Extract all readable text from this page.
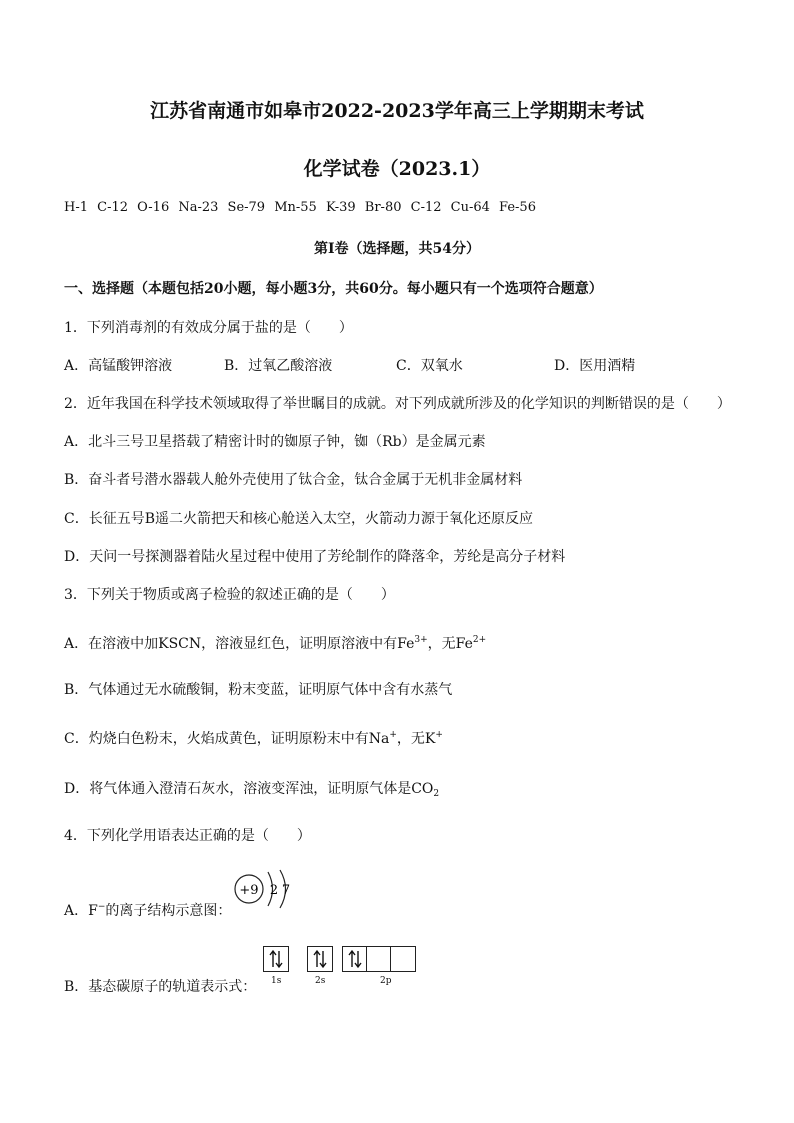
江苏省南通市如皋市2022-2023学年高三上学期期末考试
化学试卷（2023.1）
H-1 C-12 O-16 Na-23 Se-79 Mn-55 K-39 Br-80 C-12 Cu-64 Fe-56
第Ⅰ卷（选择题，共54分）
一、选择题（本题包括20小题，每小题3分，共60分。每小题只有一个选项符合题意）
1．下列消毒剂的有效成分属于盐的是（　　）
A．高锰酸钾溶液	B．过氧乙酸溶液	C．双氧水	D．医用酒精
2．近年我国在科学技术领域取得了举世瞩目的成就。对下列成就所涉及的化学知识的判断错误的是（　　）
A．北斗三号卫星搭载了精密计时的铷原子钟，铷（Rb）是金属元素
B．奋斗者号潜水器载人舱外壳使用了钛合金，钛合金属于无机非金属材料
C．长征五号B遥二火箭把天和核心舱送入太空，火箭动力源于氧化还原反应
D．天问一号探测器着陆火星过程中使用了芳纶制作的降落伞，芳纶是高分子材料
3．下列关于物质或离子检验的叙述正确的是（　　）
A．在溶液中加KSCN，溶液显红色，证明原溶液中有$Fe^{3+}$，无$Fe^{2+}$
B．气体通过无水硫酸铜，粉末变蓝，证明原气体中含有水蒸气
C．灼烧白色粉末，火焰成黄色，证明原粉末中有Na+，无K+
D．将气体通入澄清石灰水，溶液变浑浊，证明原气体是$CO_2$
4．下列化学用语表达正确的是（　　）
A．F−的离子结构示意图：
+9 2 7
B．基态碳原子的轨道表示式： 1s	2s	2p
